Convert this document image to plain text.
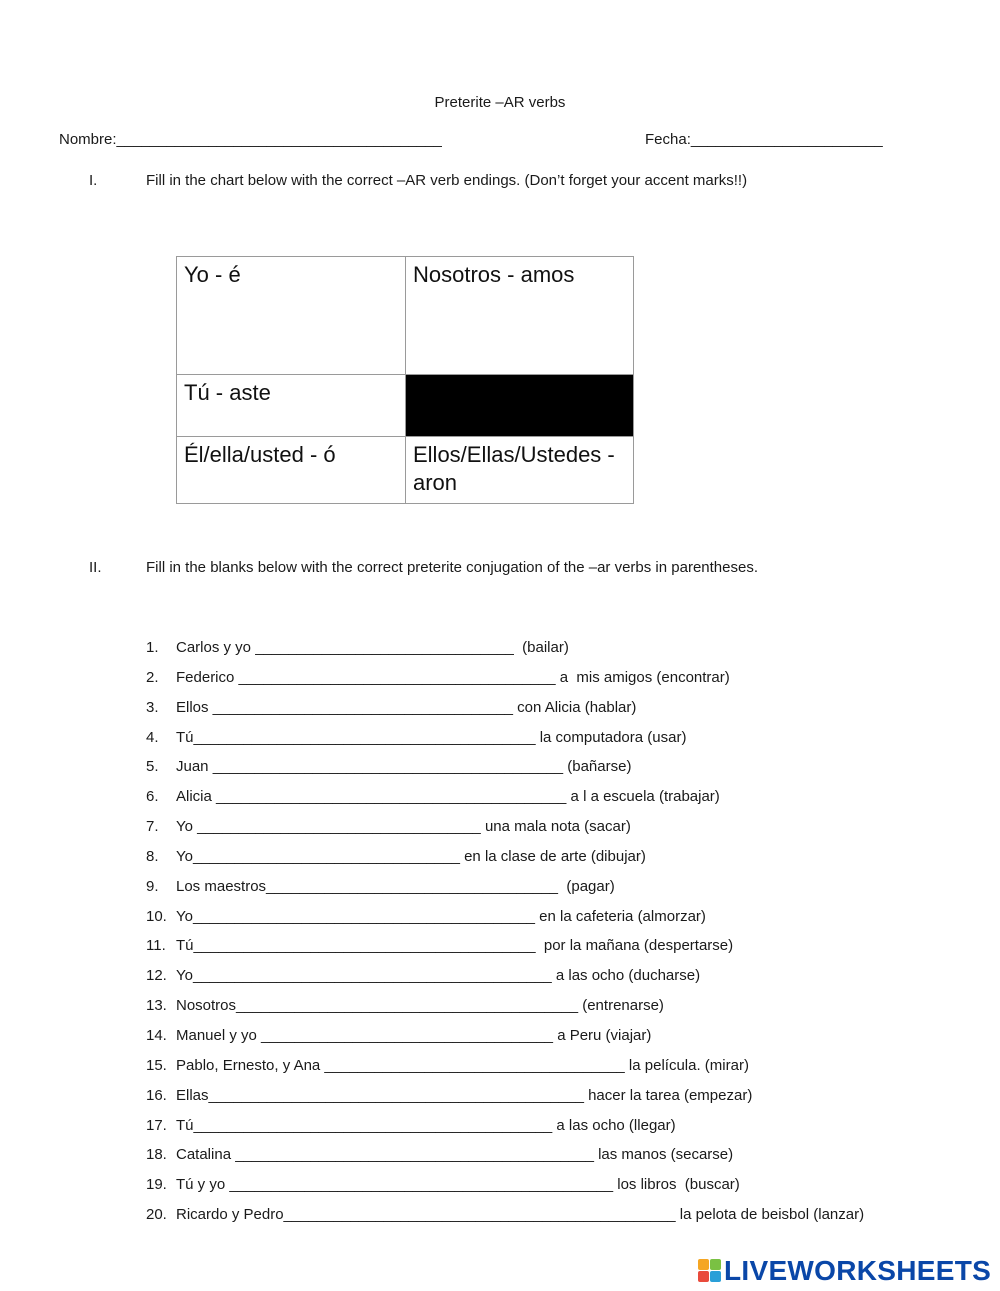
Preterite –AR verbs
Nombre:_______________________________________	Fecha:_______________________
I.	Fill in the chart below with the correct –AR verb endings. (Don’t forget your accent marks!!)
Yo - é	Nosotros - amos
Tú - aste	
Él/ella/usted - ó	Ellos/Ellas/Ustedes - aron
II.	Fill in the blanks below with the correct preterite conjugation of the –ar verbs in parentheses.
1. Carlos y yo _______________________________  (bailar)
2. Federico ______________________________________ a  mis amigos (encontrar)
3. Ellos ____________________________________ con Alicia (hablar)
4. Tú_________________________________________ la computadora (usar)
5. Juan __________________________________________ (bañarse)
6. Alicia __________________________________________ a l a escuela (trabajar)
7. Yo __________________________________ una mala nota (sacar)
8. Yo________________________________ en la clase de arte (dibujar)
9. Los maestros___________________________________  (pagar)
10. Yo_________________________________________ en la cafeteria (almorzar)
11. Tú_________________________________________  por la mañana (despertarse)
12. Yo___________________________________________ a las ocho (ducharse)
13. Nosotros_________________________________________ (entrenarse)
14. Manuel y yo ___________________________________ a Peru (viajar)
15. Pablo, Ernesto, y Ana ____________________________________ la película. (mirar)
16. Ellas_____________________________________________ hacer la tarea (empezar)
17. Tú___________________________________________ a las ocho (llegar)
18. Catalina ___________________________________________ las manos (secarse)
19. Tú y yo ______________________________________________ los libros  (buscar)
20. Ricardo y Pedro_______________________________________________ la pelota de beisbol (lanzar)
LIVEWORKSHEETS
